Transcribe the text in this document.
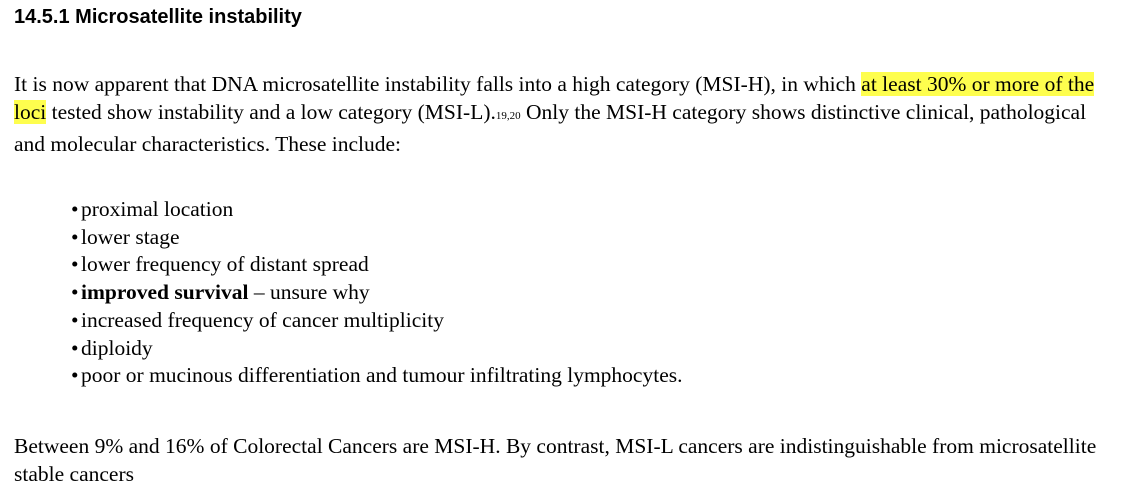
14.5.1 Microsatellite instability

It is now apparent that DNA microsatellite instability falls into a high category (MSI-H), in which at least 30% or more of the loci tested show instability and a low category (MSI-L).19,20 Only the MSI-H category shows distinctive clinical, pathological and molecular characteristics. These include:

• proximal location
• lower stage
• lower frequency of distant spread
• improved survival – unsure why
• increased frequency of cancer multiplicity
• diploidy
• poor or mucinous differentiation and tumour infiltrating lymphocytes.

Between 9% and 16% of Colorectal Cancers are MSI-H. By contrast, MSI-L cancers are indistinguishable from microsatellite stable cancers
